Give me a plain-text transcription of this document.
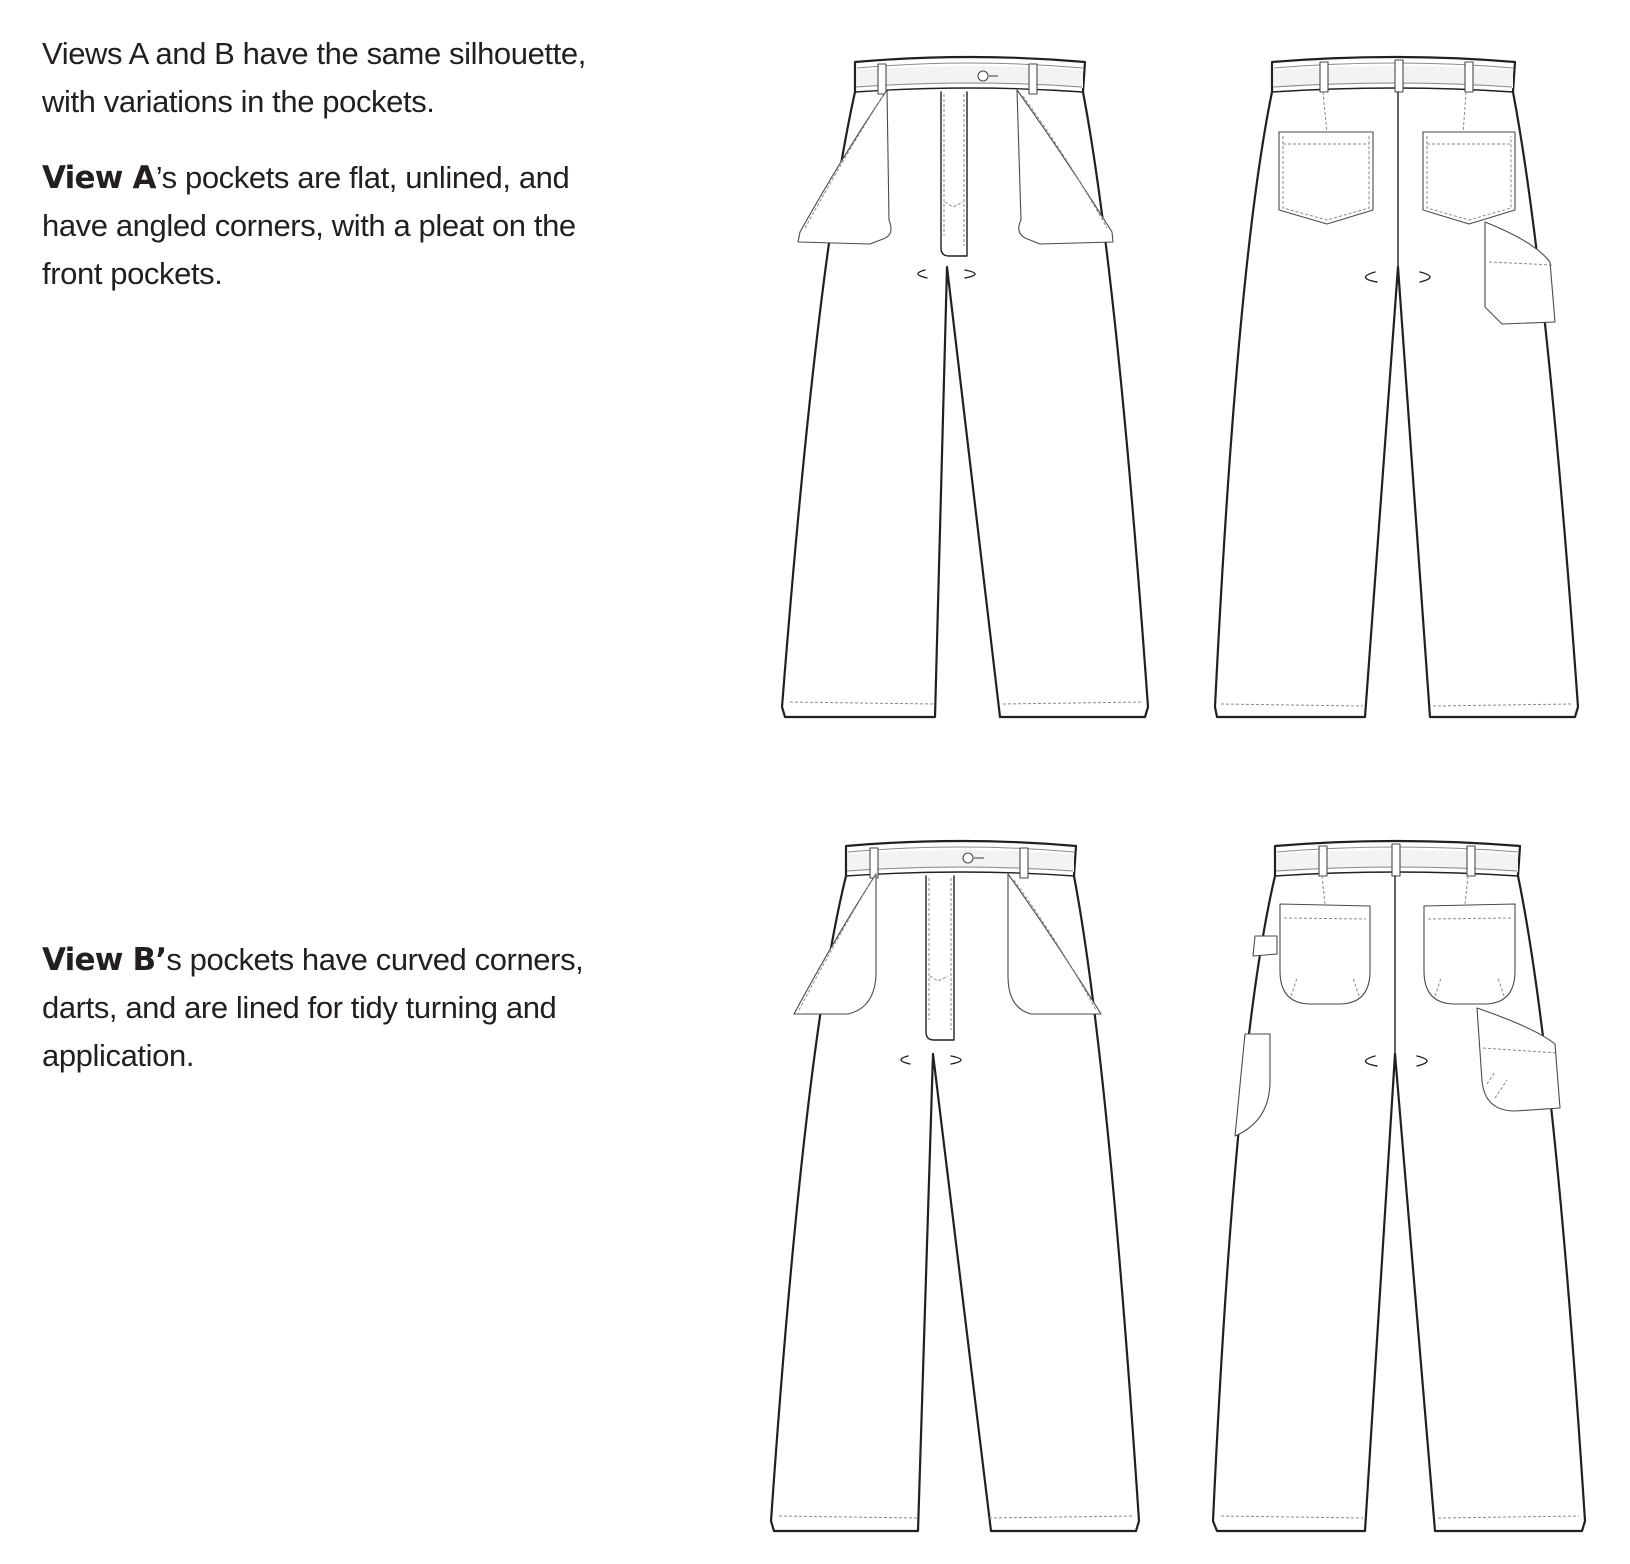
Views A and B have the same silhouette, with variations in the pockets.

View A’s pockets are flat, unlined, and have angled corners, with a pleat on the front pockets.

View B’s pockets have curved corners, darts, and are lined for tidy turning and application.
